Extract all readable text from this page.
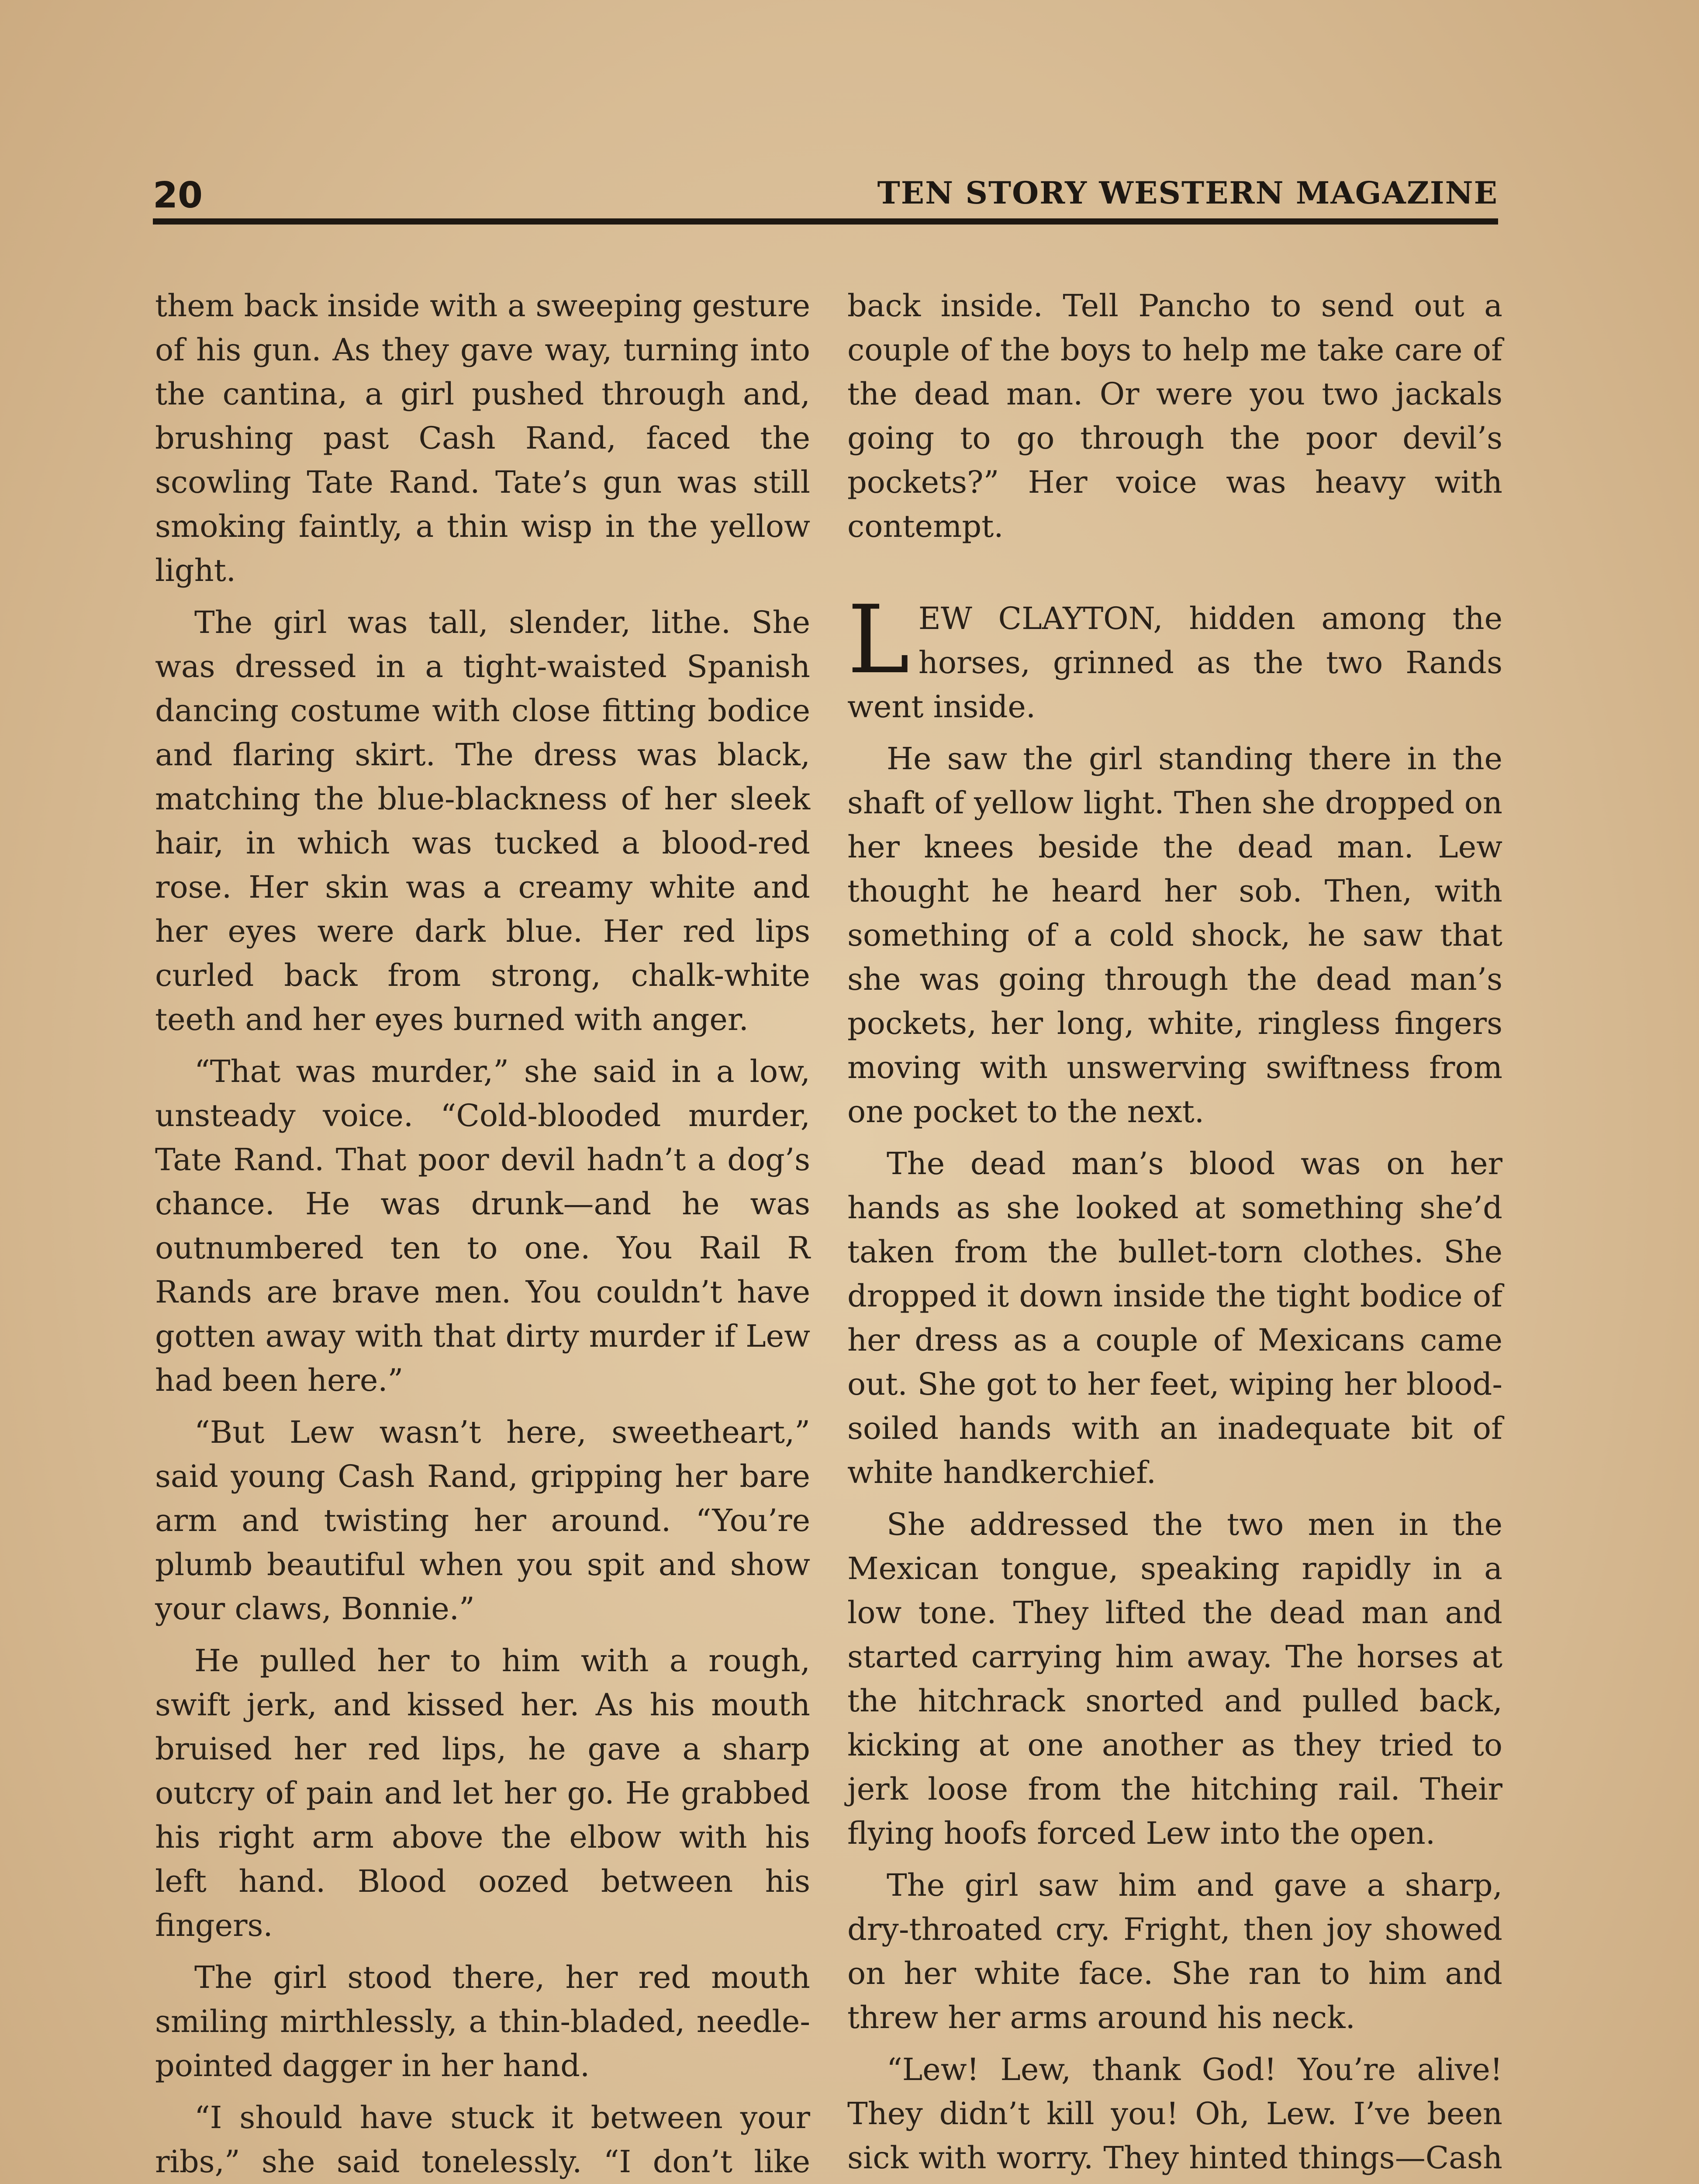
20	TEN STORY WESTERN MAGAZINE

them back inside with a sweeping gesture of his gun. As they gave way, turning into the cantina, a girl pushed through and, brushing past Cash Rand, faced the scowling Tate Rand. Tate’s gun was still smoking faintly, a thin wisp in the yellow light.

The girl was tall, slender, lithe. She was dressed in a tight-waisted Spanish dancing costume with close fitting bodice and flaring skirt. The dress was black, matching the blue-blackness of her sleek hair, in which was tucked a blood-red rose. Her skin was a creamy white and her eyes were dark blue. Her red lips curled back from strong, chalk-white teeth and her eyes burned with anger.

“That was murder,” she said in a low, unsteady voice. “Cold-blooded murder, Tate Rand. That poor devil hadn’t a dog’s chance. He was drunk—and he was outnumbered ten to one. You Rail R Rands are brave men. You couldn’t have gotten away with that dirty murder if Lew had been here.”

“But Lew wasn’t here, sweetheart,” said young Cash Rand, gripping her bare arm and twisting her around. “You’re plumb beautiful when you spit and show your claws, Bonnie.”

He pulled her to him with a rough, swift jerk, and kissed her. As his mouth bruised her red lips, he gave a sharp outcry of pain and let her go. He grabbed his right arm above the elbow with his left hand. Blood oozed between his fingers.

The girl stood there, her red mouth smiling mirthlessly, a thin-bladed, needle-pointed dagger in her hand.

“I should have stuck it between your ribs,” she said tonelessly. “I don’t like

back inside. Tell Pancho to send out a couple of the boys to help me take care of the dead man. Or were you two jackals going to go through the poor devil’s pockets?” Her voice was heavy with contempt.

LEW CLAYTON, hidden among the horses, grinned as the two Rands went inside.

He saw the girl standing there in the shaft of yellow light. Then she dropped on her knees beside the dead man. Lew thought he heard her sob. Then, with something of a cold shock, he saw that she was going through the dead man’s pockets, her long, white, ringless fingers moving with unswerving swiftness from one pocket to the next.

The dead man’s blood was on her hands as she looked at something she’d taken from the bullet-torn clothes. She dropped it down inside the tight bodice of her dress as a couple of Mexicans came out. She got to her feet, wiping her blood-soiled hands with an inadequate bit of white handkerchief.

She addressed the two men in the Mexican tongue, speaking rapidly in a low tone. They lifted the dead man and started carrying him away. The horses at the hitchrack snorted and pulled back, kicking at one another as they tried to jerk loose from the hitching rail. Their flying hoofs forced Lew into the open.

The girl saw him and gave a sharp, dry-throated cry. Fright, then joy showed on her white face. She ran to him and threw her arms around his neck.

“Lew! Lew, thank God! You’re alive! They didn’t kill you! Oh, Lew. I’ve been sick with worry. They hinted things—Cash
